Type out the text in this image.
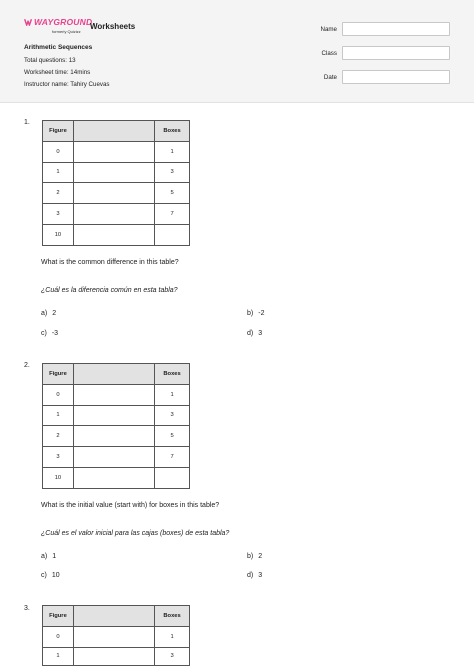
WAYGROUND
formerly Quizizz
Worksheets
Arithmetic Sequences
Total questions: 13
Worksheet time: 14mins
Instructor name: Tahiry Cuevas
Name
Class
Date
1.
Figure		Boxes
0		1
1		3
2		5
3		7
10		
What is the common difference in this table?
¿Cuál es la diferencia común en esta tabla?
a) 2	b) -2
c) -3	d) 3
2.
Figure		Boxes
0		1
1		3
2		5
3		7
10		
What is the initial value (start with) for boxes in this table?
¿Cuál es el valor inicial para las cajas (boxes) de esta tabla?
a) 1	b) 2
c) 10	d) 3
3.
Figure		Boxes
0		1
1		3
